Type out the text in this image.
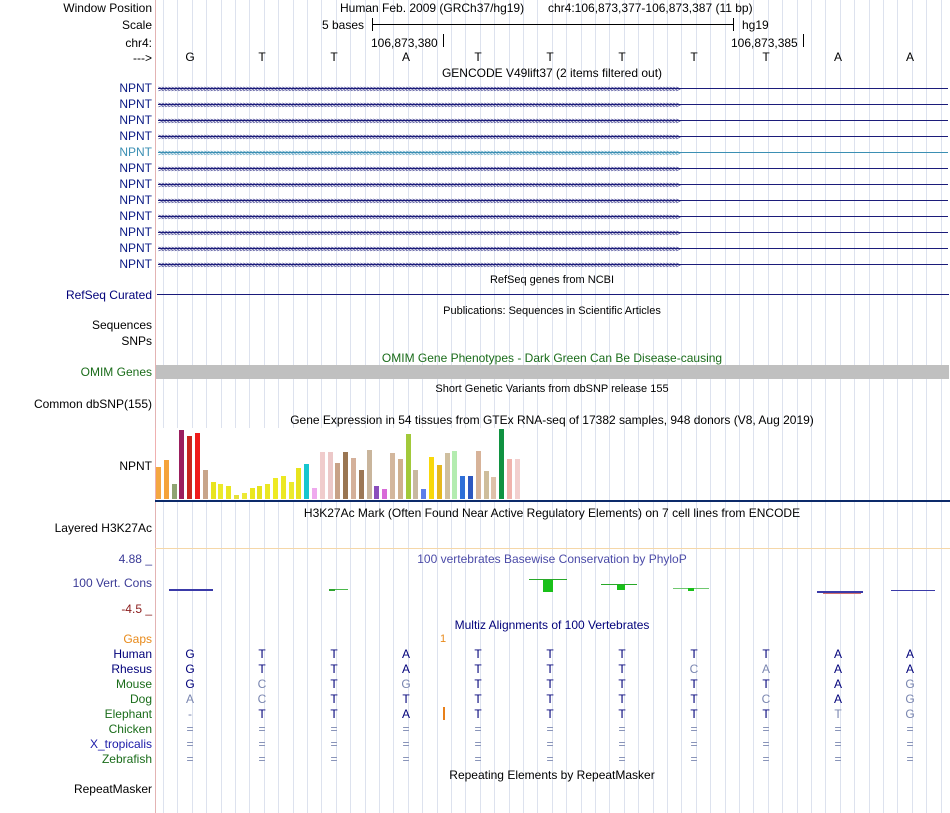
Window Position
Scale
chr4:
--->
Human Feb. 2009 (GRCh37/hg19) chr4:106,873,377-106,873,387 (11 bp)
5 bases	hg19
106,873,380	106,873,385
G	T	T	A	T	T	T	T	T	A	A
GENCODE V49lift37 (2 items filtered out)
NPNT >>>>>>>>>>>>>>>>>>>>>>>>>>>>>>>>>>>>>>>>>>>>>>>>>>>>>>>>>>>>>>>>>>>>>>>>>>>>>>>>>>>>>>>>>>>>>>>>>>>>>>>>>>>>>>>>>>>>>>>>>>>>>>>>>>>>>>>>>>>>>>>>>>>>>>>>>>>>>>>>
NPNT >>>>>>>>>>>>>>>>>>>>>>>>>>>>>>>>>>>>>>>>>>>>>>>>>>>>>>>>>>>>>>>>>>>>>>>>>>>>>>>>>>>>>>>>>>>>>>>>>>>>>>>>>>>>>>>>>>>>>>>>>>>>>>>>>>>>>>>>>>>>>>>>>>>>>>>>>>>>>>>>
NPNT >>>>>>>>>>>>>>>>>>>>>>>>>>>>>>>>>>>>>>>>>>>>>>>>>>>>>>>>>>>>>>>>>>>>>>>>>>>>>>>>>>>>>>>>>>>>>>>>>>>>>>>>>>>>>>>>>>>>>>>>>>>>>>>>>>>>>>>>>>>>>>>>>>>>>>>>>>>>>>>>
NPNT >>>>>>>>>>>>>>>>>>>>>>>>>>>>>>>>>>>>>>>>>>>>>>>>>>>>>>>>>>>>>>>>>>>>>>>>>>>>>>>>>>>>>>>>>>>>>>>>>>>>>>>>>>>>>>>>>>>>>>>>>>>>>>>>>>>>>>>>>>>>>>>>>>>>>>>>>>>>>>>>
NPNT >>>>>>>>>>>>>>>>>>>>>>>>>>>>>>>>>>>>>>>>>>>>>>>>>>>>>>>>>>>>>>>>>>>>>>>>>>>>>>>>>>>>>>>>>>>>>>>>>>>>>>>>>>>>>>>>>>>>>>>>>>>>>>>>>>>>>>>>>>>>>>>>>>>>>>>>>>>>>>>>
NPNT >>>>>>>>>>>>>>>>>>>>>>>>>>>>>>>>>>>>>>>>>>>>>>>>>>>>>>>>>>>>>>>>>>>>>>>>>>>>>>>>>>>>>>>>>>>>>>>>>>>>>>>>>>>>>>>>>>>>>>>>>>>>>>>>>>>>>>>>>>>>>>>>>>>>>>>>>>>>>>>>
NPNT >>>>>>>>>>>>>>>>>>>>>>>>>>>>>>>>>>>>>>>>>>>>>>>>>>>>>>>>>>>>>>>>>>>>>>>>>>>>>>>>>>>>>>>>>>>>>>>>>>>>>>>>>>>>>>>>>>>>>>>>>>>>>>>>>>>>>>>>>>>>>>>>>>>>>>>>>>>>>>>>
NPNT >>>>>>>>>>>>>>>>>>>>>>>>>>>>>>>>>>>>>>>>>>>>>>>>>>>>>>>>>>>>>>>>>>>>>>>>>>>>>>>>>>>>>>>>>>>>>>>>>>>>>>>>>>>>>>>>>>>>>>>>>>>>>>>>>>>>>>>>>>>>>>>>>>>>>>>>>>>>>>>>
NPNT >>>>>>>>>>>>>>>>>>>>>>>>>>>>>>>>>>>>>>>>>>>>>>>>>>>>>>>>>>>>>>>>>>>>>>>>>>>>>>>>>>>>>>>>>>>>>>>>>>>>>>>>>>>>>>>>>>>>>>>>>>>>>>>>>>>>>>>>>>>>>>>>>>>>>>>>>>>>>>>>
NPNT >>>>>>>>>>>>>>>>>>>>>>>>>>>>>>>>>>>>>>>>>>>>>>>>>>>>>>>>>>>>>>>>>>>>>>>>>>>>>>>>>>>>>>>>>>>>>>>>>>>>>>>>>>>>>>>>>>>>>>>>>>>>>>>>>>>>>>>>>>>>>>>>>>>>>>>>>>>>>>>>
NPNT >>>>>>>>>>>>>>>>>>>>>>>>>>>>>>>>>>>>>>>>>>>>>>>>>>>>>>>>>>>>>>>>>>>>>>>>>>>>>>>>>>>>>>>>>>>>>>>>>>>>>>>>>>>>>>>>>>>>>>>>>>>>>>>>>>>>>>>>>>>>>>>>>>>>>>>>>>>>>>>>
NPNT >>>>>>>>>>>>>>>>>>>>>>>>>>>>>>>>>>>>>>>>>>>>>>>>>>>>>>>>>>>>>>>>>>>>>>>>>>>>>>>>>>>>>>>>>>>>>>>>>>>>>>>>>>>>>>>>>>>>>>>>>>>>>>>>>>>>>>>>>>>>>>>>>>>>>>>>>>>>>>>>
RefSeq genes from NCBI
RefSeq Curated
Publications: Sequences in Scientific Articles
Sequences
SNPs
OMIM Gene Phenotypes - Dark Green Can Be Disease-causing
OMIM Genes
Short Genetic Variants from dbSNP release 155
Common dbSNP(155)
Gene Expression in 54 tissues from GTEx RNA-seq of 17382 samples, 948 donors (V8, Aug 2019)
NPNT
H3K27Ac Mark (Often Found Near Active Regulatory Elements) on 7 cell lines from ENCODE
Layered H3K27Ac
100 vertebrates Basewise Conservation by PhyloP
4.88 _
100 Vert. Cons
-4.5 _
Multiz Alignments of 100 Vertebrates
Gaps	1
Human	G	T	T	A	T	T	T	T	T	A	A
Rhesus	G	T	T	A	T	T	T	C	A	A	A
Mouse	G	C	T	G	T	T	T	T	T	A	G
Dog	A	C	T	T	T	T	T	T	C	A	G
Elephant	-	T	T	A	T	T	T	T	T	T	G
Chicken	=	=	=	=	=	=	=	=	=	=	=
X_tropicalis	=	=	=	=	=	=	=	=	=	=	=
Zebrafish	=	=	=	=	=	=	=	=	=	=	=
Repeating Elements by RepeatMasker
RepeatMasker
